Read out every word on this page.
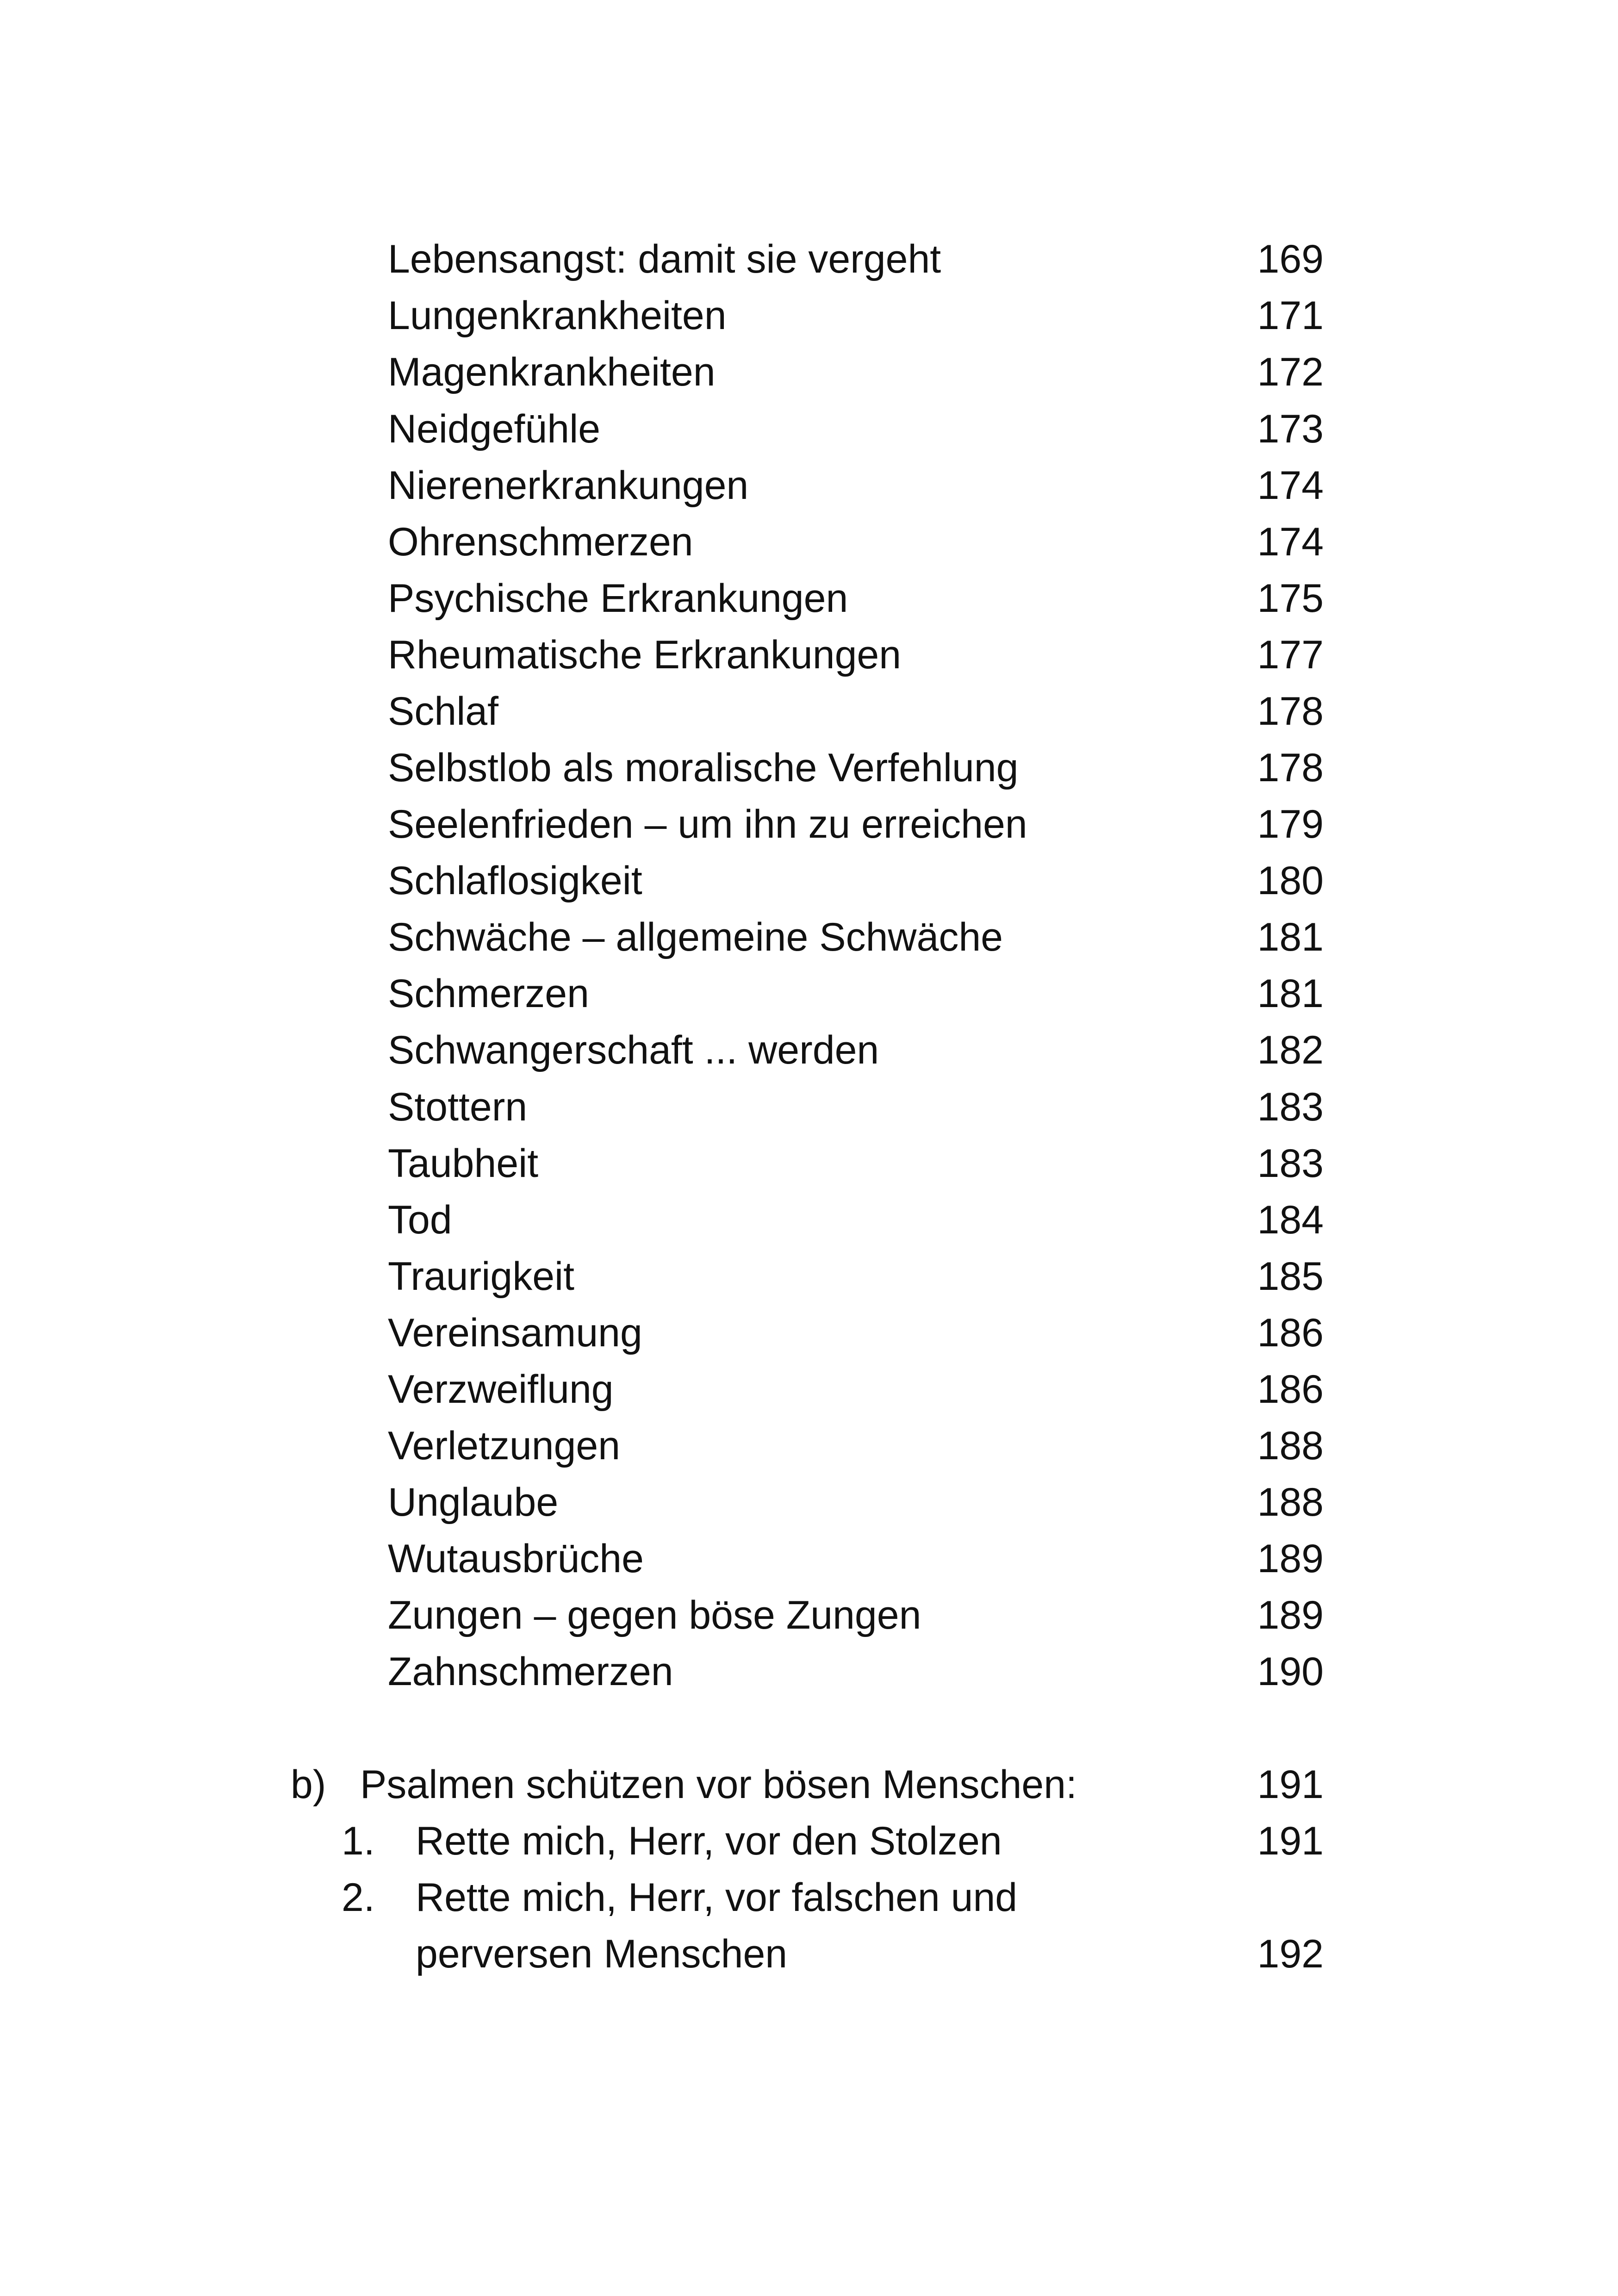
Lebensangst: damit sie vergeht	169
Lungenkrankheiten	171
Magenkrankheiten	172
Neidgefühle	173
Nierenerkrankungen	174
Ohrenschmerzen	174
Psychische Erkrankungen	175
Rheumatische Erkrankungen	177
Schlaf	178
Selbstlob als moralische Verfehlung	178
Seelenfrieden – um ihn zu erreichen	179
Schlaflosigkeit	180
Schwäche – allgemeine Schwäche	181
Schmerzen	181
Schwangerschaft ... werden	182
Stottern	183
Taubheit	183
Tod	184
Traurigkeit	185
Vereinsamung	186
Verzweiflung	186
Verletzungen	188
Unglaube	188
Wutausbrüche	189
Zungen – gegen böse Zungen	189
Zahnschmerzen	190
b) Psalmen schützen vor bösen Menschen:	191
1. Rette mich, Herr, vor den Stolzen	191
2. Rette mich, Herr, vor falschen und
perversen Menschen	192
